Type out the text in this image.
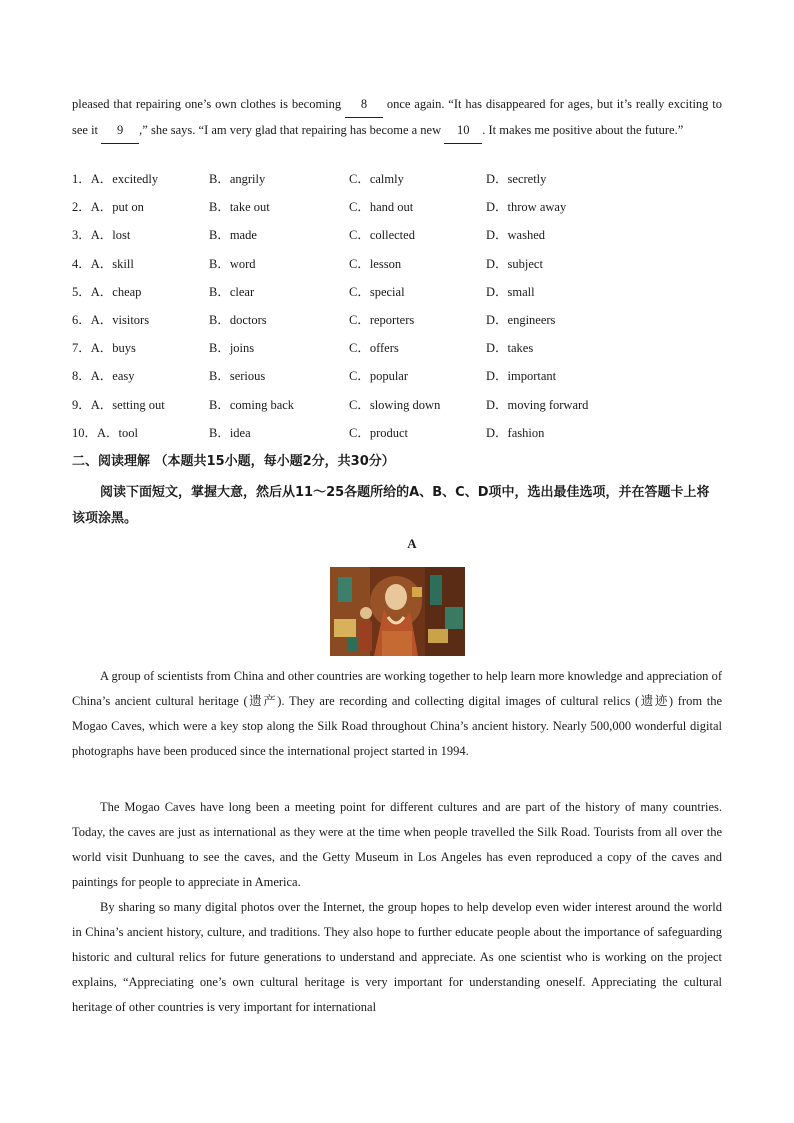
pleased that repairing one’s own clothes is becoming 8 once again. “It has disappeared for ages, but it’s really exciting to see it 9 ,” she says. “I am very glad that repairing has become a new 10 . It makes me positive about the future.”
1．A．excitedly	B．angrily	C．calmly	D．secretly
2．A．put on	B．take out	C．hand out	D．throw away
3．A．lost	B．made	C．collected	D．washed
4．A．skill	B．word	C．lesson	D．subject
5．A．cheap	B．clear	C．special	D．small
6．A．visitors	B．doctors	C．reporters	D．engineers
7．A．buys	B．joins	C．offers	D．takes
8．A．easy	B．serious	C．popular	D．important
9．A．setting out	B．coming back	C．slowing down	D．moving forward
10．A．tool	B．idea	C．product	D．fashion
二、阅读理解 （本题共15小题，每小题2分，共30分）
阅读下面短文，掌握大意，然后从11～25各题所给的A、B、C、D项中，选出最佳选项，并在答题卡上将该项涂黑。
A
A group of scientists from China and other countries are working together to help learn more knowledge and appreciation of China’s ancient cultural heritage (遗产). They are recording and collecting digital images of cultural relics (遗迹) from the Mogao Caves, which were a key stop along the Silk Road throughout China’s ancient history. Nearly 500,000 wonderful digital photographs have been produced since the international project started in 1994.
The Mogao Caves have long been a meeting point for different cultures and are part of the history of many countries. Today, the caves are just as international as they were at the time when people travelled the Silk Road. Tourists from all over the world visit Dunhuang to see the caves, and the Getty Museum in Los Angeles has even reproduced a copy of the caves and paintings for people to appreciate in America.
By sharing so many digital photos over the Internet, the group hopes to help develop even wider interest around the world in China’s ancient history, culture, and traditions. They also hope to further educate people about the importance of safeguarding historic and cultural relics for future generations to understand and appreciate. As one scientist who is working on the project explains, “Appreciating one’s own cultural heritage is very important for understanding oneself. Appreciating the cultural heritage of other countries is very important for international
